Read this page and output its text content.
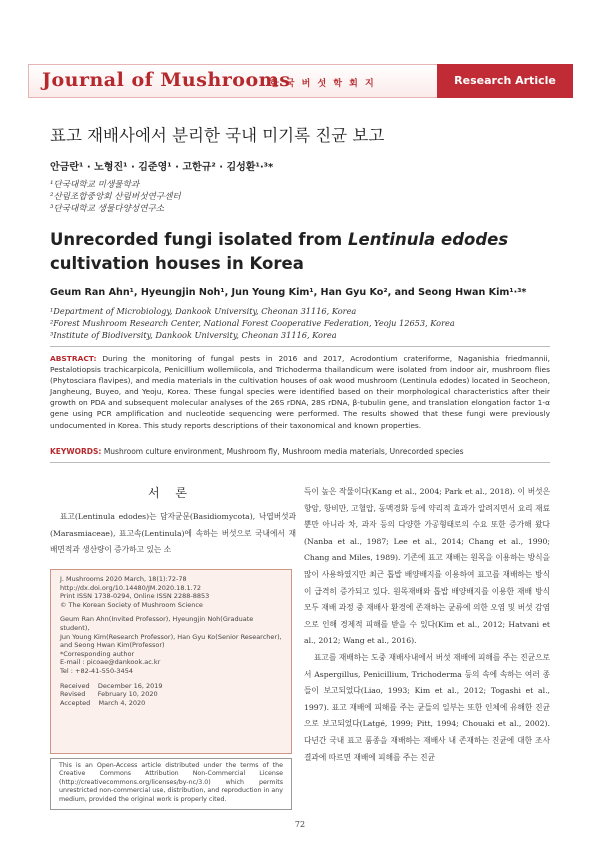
Journal of Mushrooms
한 국 버 섯 학 회 지	Research Article
표고 재배사에서 분리한 국내 미기록 진균 보고
안금란¹ · 노형진¹ · 김준영¹ · 고한규² · 김성환¹·³*
¹단국대학교 미생물학과
²산림조합중앙회 산림버섯연구센터
³단국대학교 생물다양성연구소
Unrecorded fungi isolated from Lentinula edodes cultivation houses in Korea
Geum Ran Ahn¹, Hyeungjin Noh¹, Jun Young Kim¹, Han Gyu Ko², and Seong Hwan Kim¹·³*
¹Department of Microbiology, Dankook University, Cheonan 31116, Korea
²Forest Mushroom Research Center, National Forest Cooperative Federation, Yeoju 12653, Korea
³Institute of Biodiversity, Dankook University, Cheonan 31116, Korea
ABSTRACT: During the monitoring of fungal pests in 2016 and 2017, Acrodontium crateriforme, Naganishia friedmannii, Pestalotiopsis trachicarpicola, Penicillium wollemiicola, and Trichoderma thailandicum were isolated from indoor air, mushroom flies (Phytosciara flavipes), and media materials in the cultivation houses of oak wood mushroom (Lentinula edodes) located in Seocheon, Jangheung, Buyeo, and Yeoju, Korea. These fungal species were identified based on their morphological characteristics after their growth on PDA and subsequent molecular analyses of the 26S rDNA, 28S rDNA, β-tubulin gene, and translation elongation factor 1-α gene using PCR amplification and nucleotide sequencing were performed. The results showed that these fungi were previously undocumented in Korea. This study reports descriptions of their taxonomical and known properties.
KEYWORDS: Mushroom culture environment, Mushroom fly, Mushroom media materials, Unrecorded species
서 론

표고(Lentinula edodes)는 담자균문(Basidiomycota), 낙엽버섯과(Marasmiaceae), 표고속(Lentinula)에 속하는 버섯으로 국내에서 재배면적과 생산량이 증가하고 있는 소

J. Mushrooms 2020 March, 18(1):72-78
http://dx.doi.org/10.14480/JM.2020.18.1.72
Print ISSN 1738-0294, Online ISSN 2288-8853
© The Korean Society of Mushroom Science
Geum Ran Ahn(Invited Professor), Hyeungjin Noh(Graduate student),
Jun Young Kim(Research Professor), Han Gyu Ko(Senior Researcher),
and Seong Hwan Kim(Professor)
*Corresponding author
E-mail : picoae@dankook.ac.kr
Tel : +82-41-550-3454
Received    December 16, 2019
Revised      February 10, 2020
Accepted    March 4, 2020
This is an Open-Access article distributed under the terms of the Creative Commons Attribution Non-Commercial License (http://creativecommons.org/licenses/by-nc/3.0) which permits unrestricted non-commercial use, distribution, and reproduction in any medium, provided the original work is properly cited.

득이 높은 작물이다(Kang et al., 2004; Park et al., 2018). 이 버섯은 향암, 항비만, 고혈압, 동맥경화 등에 약리적 효과가 알려지면서 요리 재료뿐만 아니라 차, 과자 등의 다양한 가공형태로의 수요 또한 증가해 왔다(Nanba et al., 1987; Lee et al., 2014; Chang et al., 1990; Chang and Miles, 1989). 기존에 표고 재배는 원목을 이용하는 방식을 많이 사용하였지만 최근 톱밥 배양배지를 이용하여 표고를 재배하는 방식이 급격히 증가되고 있다. 원목재배와 톱밥 배양배지를 이용한 재배 방식 모두 재배 과정 중 재배사 환경에 존재하는 균류에 의한 오염 및 버섯 감염으로 인해 경제적 피해를 받을 수 있다(Kim et al., 2012; Hatvani et al., 2012; Wang et al., 2016).

표고를 재배하는 도중 재배사내에서 버섯 재배에 피해를 주는 진균으로서 Aspergillus, Penicillium, Trichoderma 등의 속에 속하는 여러 종들이 보고되었다(Liao, 1993; Kim et al., 2012; Togashi et al., 1997). 표고 재배에 피해를 주는 균들의 일부는 또한 인체에 유해한 진균으로 보고되었다(Latgé, 1999; Pitt, 1994; Chouaki et al., 2002). 다년간 국내 표고 품종을 재배하는 재배사 내 존재하는 진균에 대한 조사 결과에 따르면 재배에 피해를 주는 진균

72
